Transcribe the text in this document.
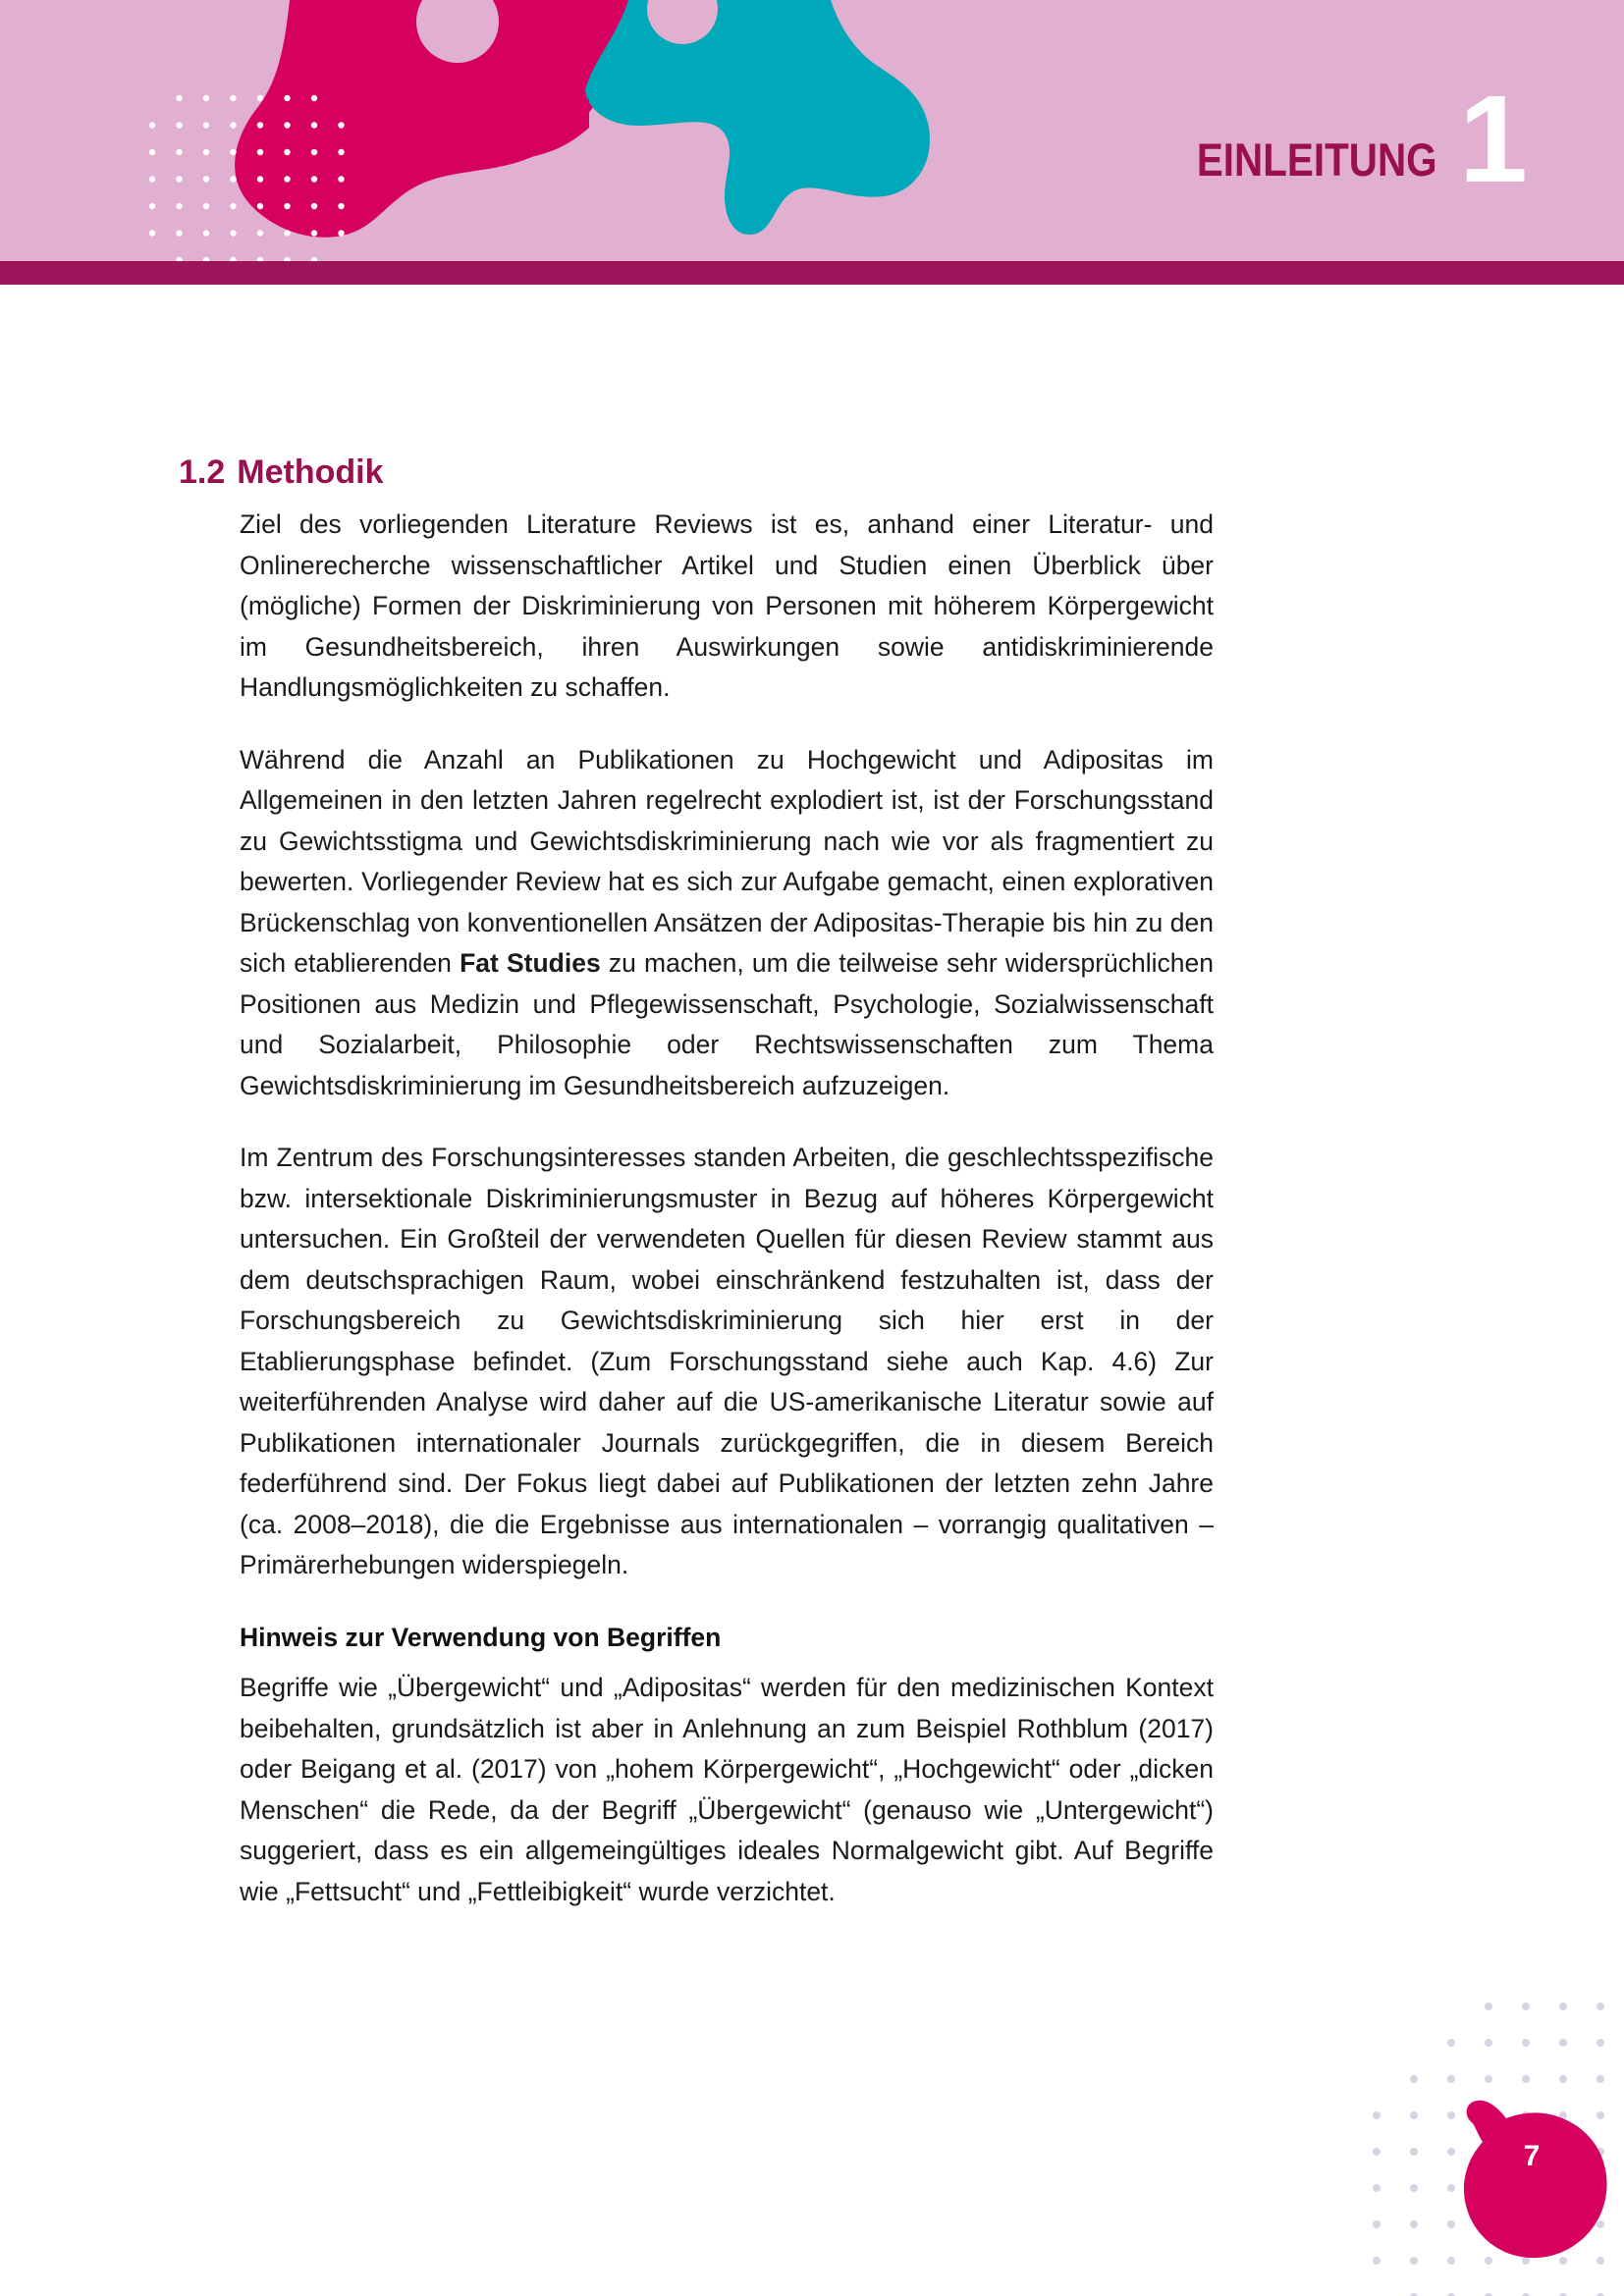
EINLEITUNG 1
1.2 Methodik

Ziel des vorliegenden Literature Reviews ist es, anhand einer Literatur- und Onlinerecherche wissenschaftlicher Artikel und Studien einen Überblick über (mögliche) Formen der Diskriminierung von Personen mit höherem Körpergewicht im Gesundheitsbereich, ihren Auswirkungen sowie antidiskriminierende Handlungsmöglichkeiten zu schaffen.

Während die Anzahl an Publikationen zu Hochgewicht und Adipositas im Allgemeinen in den letzten Jahren regelrecht explodiert ist, ist der Forschungsstand zu Gewichtsstigma und Gewichtsdiskriminierung nach wie vor als fragmentiert zu bewerten. Vorliegender Review hat es sich zur Aufgabe gemacht, einen explorativen Brückenschlag von konventionellen Ansätzen der Adipositas-Therapie bis hin zu den sich etablierenden Fat Studies zu machen, um die teilweise sehr widersprüchlichen Positionen aus Medizin und Pflegewissenschaft, Psychologie, Sozialwissenschaft und Sozialarbeit, Philosophie oder Rechtswissenschaften zum Thema Gewichtsdiskriminierung im Gesundheitsbereich aufzuzeigen.

Im Zentrum des Forschungsinteresses standen Arbeiten, die geschlechtsspezifische bzw. intersektionale Diskriminierungsmuster in Bezug auf höheres Körpergewicht untersuchen. Ein Großteil der verwendeten Quellen für diesen Review stammt aus dem deutschsprachigen Raum, wobei einschränkend festzuhalten ist, dass der Forschungsbereich zu Gewichtsdiskriminierung sich hier erst in der Etablierungsphase befindet. (Zum Forschungsstand siehe auch Kap. 4.6) Zur weiterführenden Analyse wird daher auf die US-amerikanische Literatur sowie auf Publikationen internationaler Journals zurückgegriffen, die in diesem Bereich federführend sind. Der Fokus liegt dabei auf Publikationen der letzten zehn Jahre (ca. 2008–2018), die die Ergebnisse aus internationalen – vorrangig qualitativen – Primärerhebungen widerspiegeln.

Hinweis zur Verwendung von Begriffen

Begriffe wie „Übergewicht“ und „Adipositas“ werden für den medizinischen Kontext beibehalten, grundsätzlich ist aber in Anlehnung an zum Beispiel Rothblum (2017) oder Beigang et al. (2017) von „hohem Körpergewicht“, „Hochgewicht“ oder „dicken Menschen“ die Rede, da der Begriff „Übergewicht“ (genauso wie „Untergewicht“) suggeriert, dass es ein allgemeingültiges ideales Normalgewicht gibt. Auf Begriffe wie „Fettsucht“ und „Fettleibigkeit“ wurde verzichtet.

7
